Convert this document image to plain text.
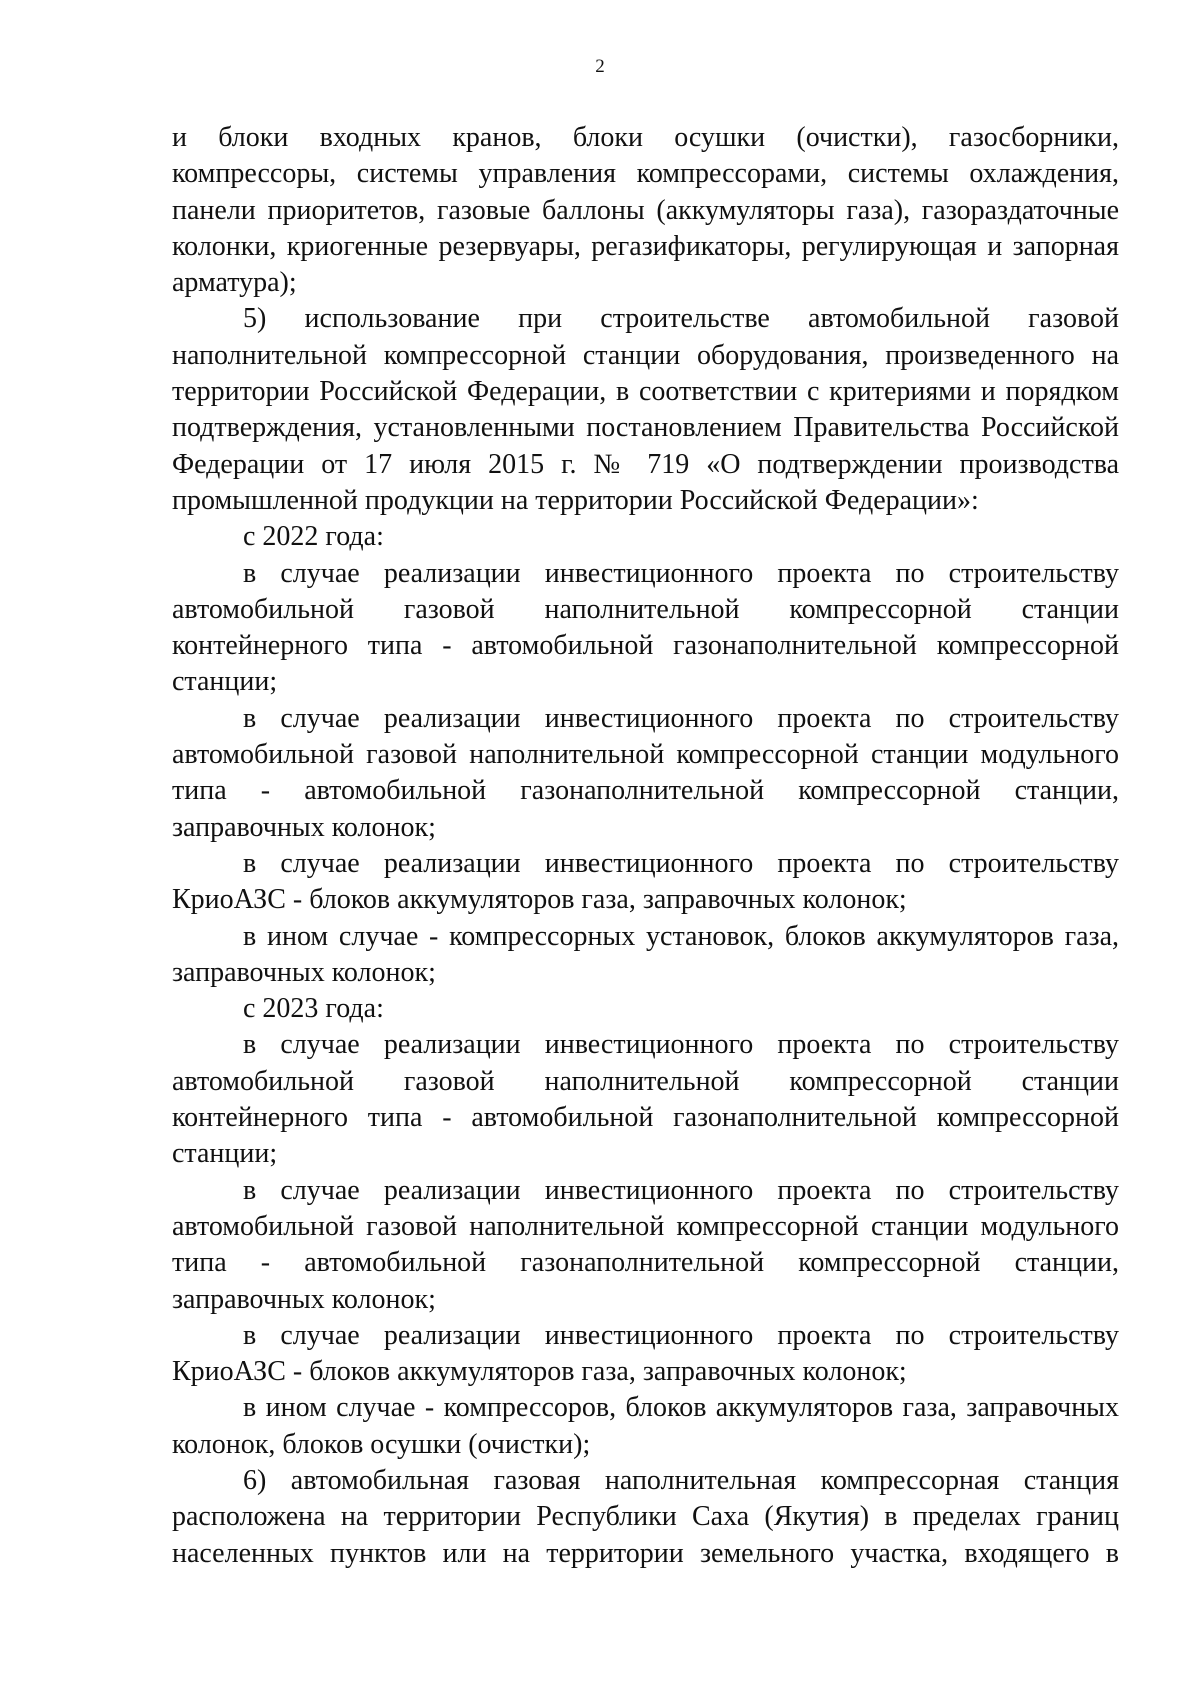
2

и блоки входных кранов, блоки осушки (очистки), газосборники, компрессоры, системы управления компрессорами, системы охлаждения, панели приоритетов, газовые баллоны (аккумуляторы газа), газораздаточные колонки, криогенные резервуары, регазификаторы, регулирующая и запорная арматура);

5) использование при строительстве автомобильной газовой наполнительной компрессорной станции оборудования, произведенного на территории Российской Федерации, в соответствии с критериями и порядком подтверждения, установленными постановлением Правительства Российской Федерации от 17 июля 2015 г. № 719 «О подтверждении производства промышленной продукции на территории Российской Федерации»:

с 2022 года:

в случае реализации инвестиционного проекта по строительству автомобильной газовой наполнительной компрессорной станции контейнерного типа - автомобильной газонаполнительной компрессорной станции;

в случае реализации инвестиционного проекта по строительству автомобильной газовой наполнительной компрессорной станции модульного типа - автомобильной газонаполнительной компрессорной станции, заправочных колонок;

в случае реализации инвестиционного проекта по строительству КриоАЗС - блоков аккумуляторов газа, заправочных колонок;

в ином случае - компрессорных установок, блоков аккумуляторов газа, заправочных колонок;

с 2023 года:

в случае реализации инвестиционного проекта по строительству автомобильной газовой наполнительной компрессорной станции контейнерного типа - автомобильной газонаполнительной компрессорной станции;

в случае реализации инвестиционного проекта по строительству автомобильной газовой наполнительной компрессорной станции модульного типа - автомобильной газонаполнительной компрессорной станции, заправочных колонок;

в случае реализации инвестиционного проекта по строительству КриоАЗС - блоков аккумуляторов газа, заправочных колонок;

в ином случае - компрессоров, блоков аккумуляторов газа, заправочных колонок, блоков осушки (очистки);

6) автомобильная газовая наполнительная компрессорная станция расположена на территории Республики Саха (Якутия) в пределах границ населенных пунктов или на территории земельного участка, входящего в
